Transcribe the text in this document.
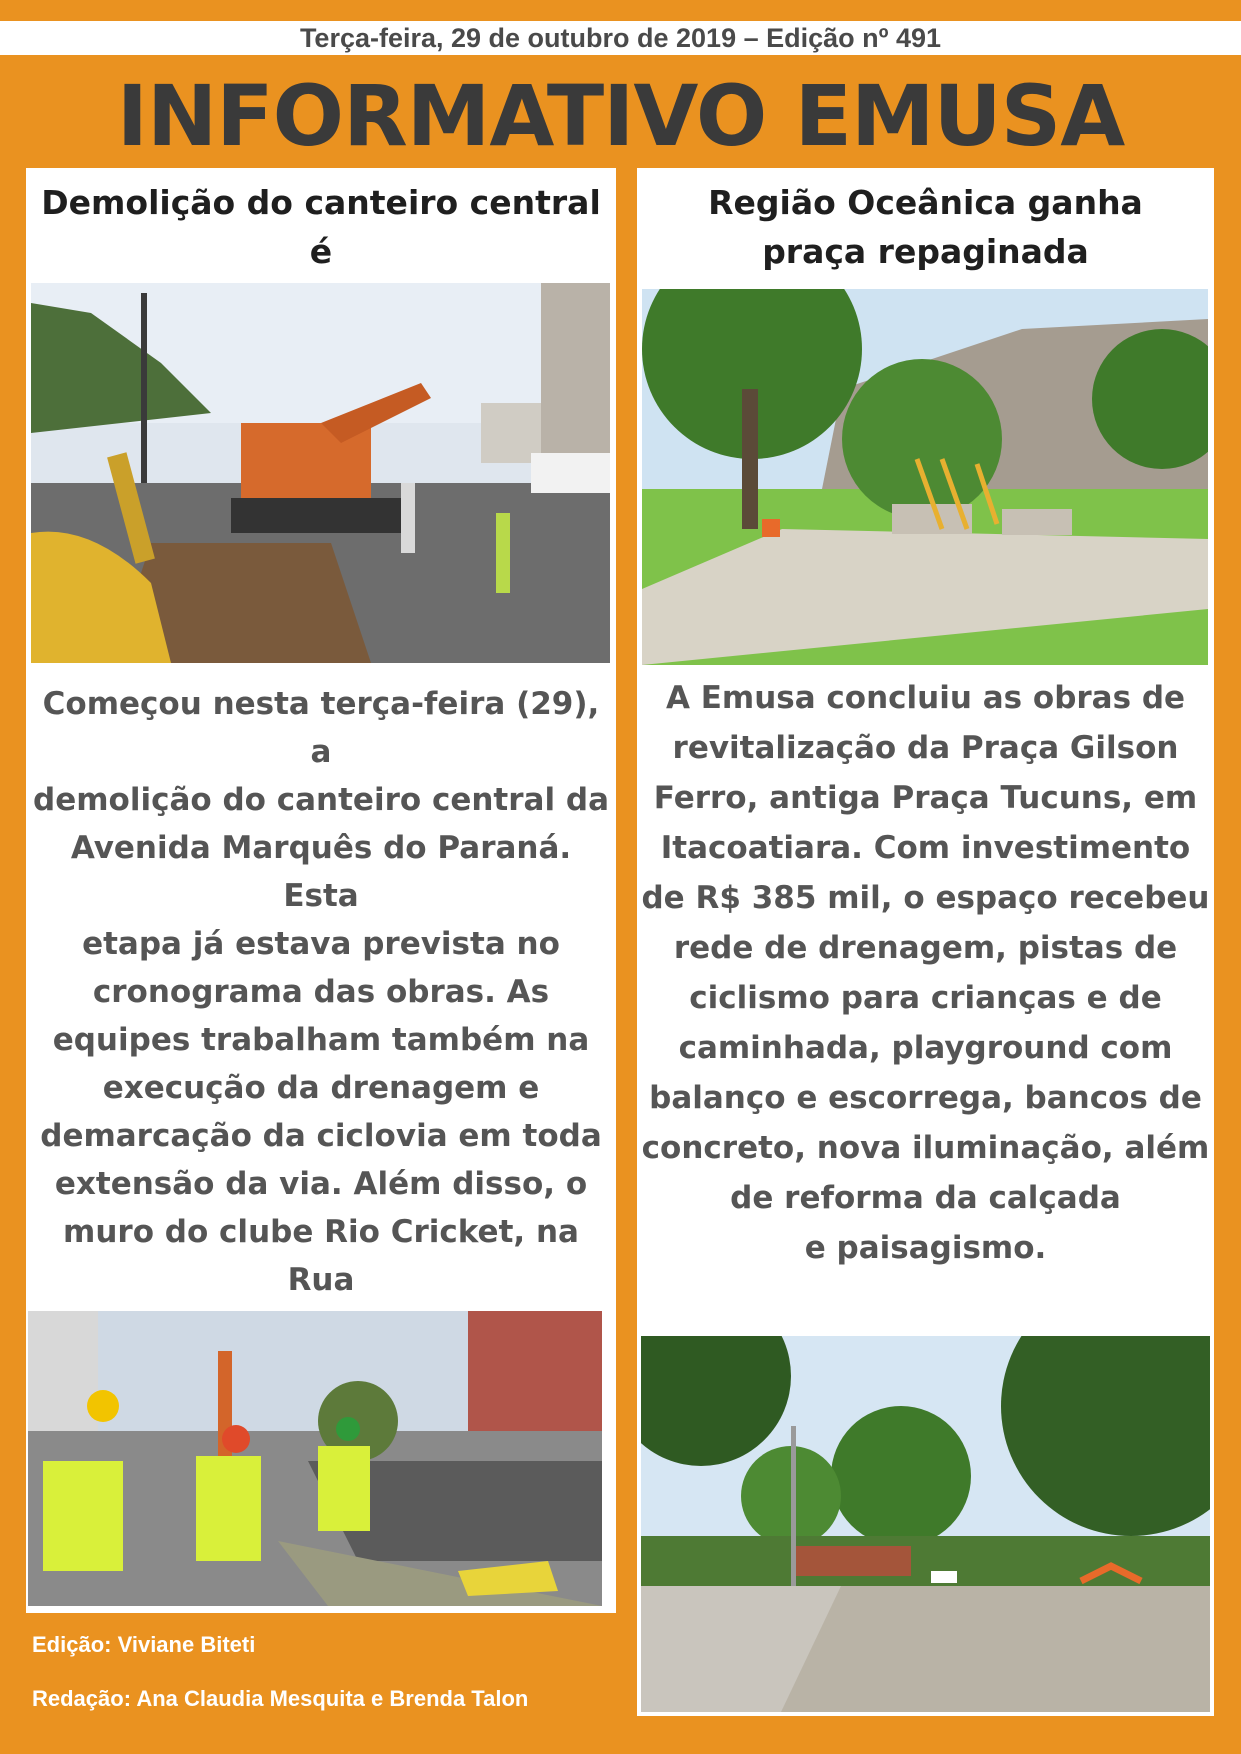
Terça-feira, 29 de outubro de 2019 – Edição nº 491
INFORMATIVO EMUSA
Demolição do canteiro central é
Começou nesta terça-feira (29), a
demolição do canteiro central da
Avenida Marquês do Paraná. Esta
etapa já estava prevista no
cronograma das obras. As
equipes trabalham também na
execução da drenagem e
demarcação da ciclovia em toda
extensão da via. Além disso, o
muro do clube Rio Cricket, na Rua
Edição: Viviane Biteti
Redação: Ana Claudia Mesquita e Brenda Talon
Região Oceânica ganha
praça repaginada
A Emusa concluiu as obras de
revitalização da Praça Gilson
Ferro, antiga Praça Tucuns, em
Itacoatiara. Com investimento
de R$ 385 mil, o espaço recebeu
rede de drenagem, pistas de
ciclismo para crianças e de
caminhada, playground com
balanço e escorrega, bancos de
concreto, nova iluminação, além
de reforma da calçada
e paisagismo.
